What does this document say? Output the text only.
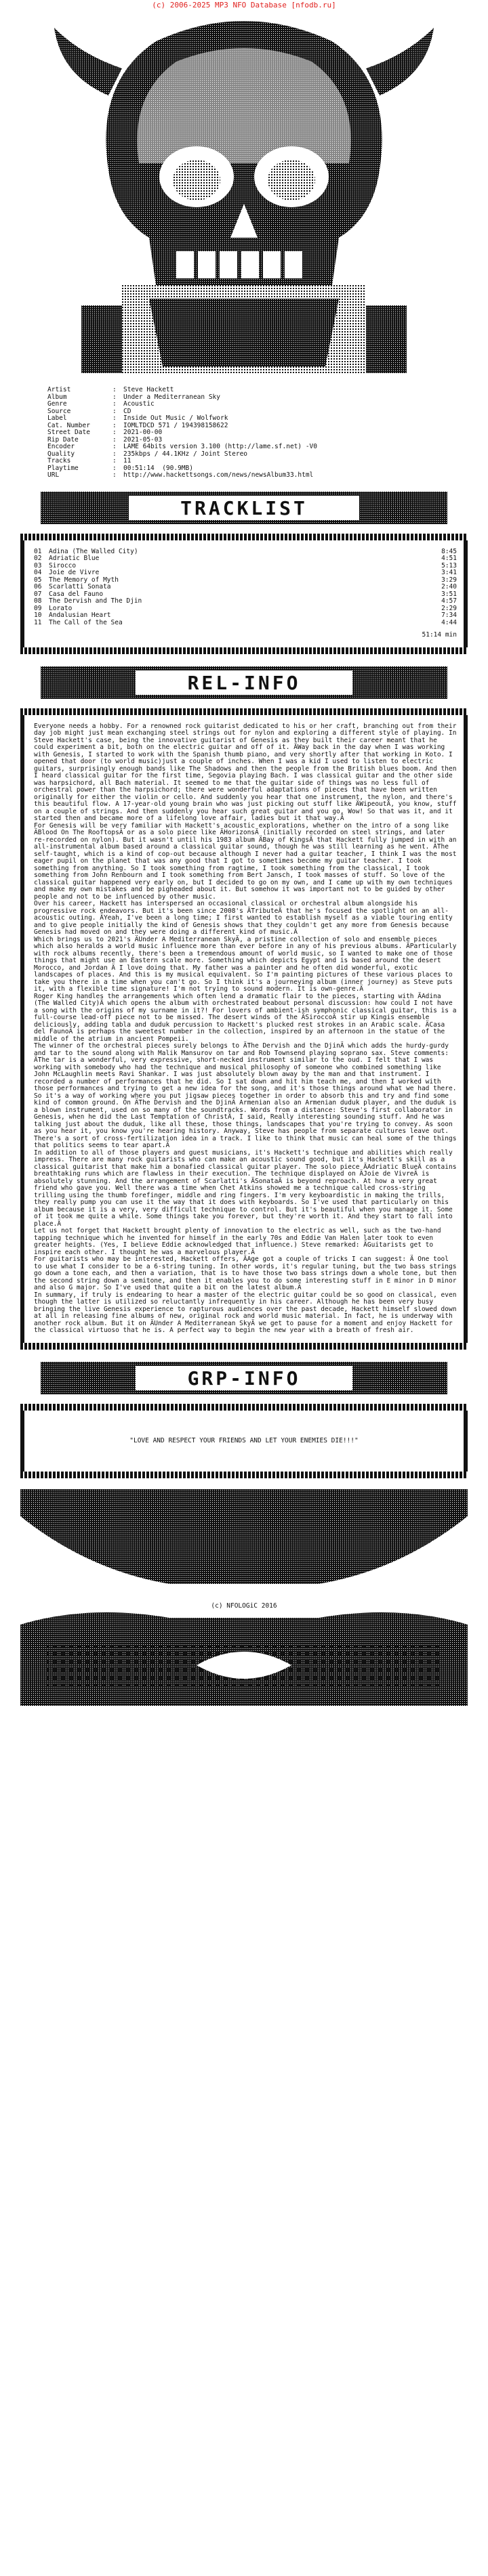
(c) 2006-2025 MP3 NFO Database [nfodb.ru]
Artist	:	Steve Hackett
Album	:	Under a Mediterranean Sky
Genre	:	Acoustic
Source	:	CD
Label	:	Inside Out Music / Wolfwork
Cat. Number	:	IOMLTDCD 571 / 194398158622
Street Date	:	2021-00-00
Rip Date	:	2021-05-03
Encoder	:	LAME 64bits version 3.100 (http://lame.sf.net) -V0
Quality	:	235kbps / 44.1KHz / Joint Stereo
Tracks	:	11
Playtime	:	00:51:14  (90.9MB)
URL	:	http://www.hackettsongs.com/news/newsAlbum33.html
TRACKLIST
01	Adina (The Walled City)	8:45
02	Adriatic Blue	4:51
03	Sirocco	5:13
04	Joie de Vivre	3:41
05	The Memory of Myth	3:29
06	Scarlatti Sonata	2:40
07	Casa del Fauno	3:51
08	The Dervish and The Djin	4:57
09	Lorato	2:29
10	Andalusian Heart	7:34
11	The Call of the Sea	4:44
51:14 min
REL-INFO

Everyone needs a hobby. For a renowned rock guitarist dedicated to his or her craft, branching out from their day job might just mean exchanging steel strings out for nylon and exploring a different style of playing. In Steve Hackett's case, being the innovative guitarist of Genesis as they built their career meant that he could experiment a bit, both on the electric guitar and off of it. ÄWay back in the day when I was working with Genesis, I started to work with the Spanish thumb piano, and very shortly after that working in Koto. I opened that door (to world music)just a couple of inches. When I was a kid I used to listen to electric guitars, surprisingly enough bands like The Shadows and then the people from the British blues boom. And then I heard classical guitar for the first time, Segovia playing Bach. I was classical guitar and the other side was harpsichord, all Bach material. It seemed to me that the guitar side of things was no less full of orchestral power than the harpsichord; there were wonderful adaptations of pieces that have been written originally for either the violin or cello. And suddenly you hear that one instrument, the nylon, and there's this beautiful flow. A 17-year-old young brain who was just picking out stuff like ÄWipeoutÄ, you know, stuff on a couple of strings. And then suddenly you hear such great guitar and you go, Wow! So that was it, and it started then and became more of a lifelong love affair, ladies but it that way.Ä

For Genesis will be very familiar with Hackett's acoustic explorations, whether on the intro of a song like ÄBlood On The RooftopsÄ or as a solo piece like ÄHorizonsÄ (initially recorded on steel strings, and later re-recorded on nylon). But it wasn't until his 1983 album ÄBay of KingsÄ that Hackett fully jumped in with an all-instrumental album based around a classical guitar sound, though he was still learning as he went. ÄThe self-taught, which is a kind of cop-out because although I never had a guitar teacher, I think I was the most eager pupil on the planet that was any good that I got to sometimes become my guitar teacher. I took something from anything. So I took something from ragtime, I took something from the classical, I took something from John Renbourn and I took something from Bert Jansch, I took masses of stuff. So love of the classical guitar happened very early on, but I decided to go on my own, and I came up with my own techniques and make my own mistakes and be pigheaded about it. But somehow it was important not to be guided by other people and not to be influenced by other music.

Over his career, Hackett has interspersed an occasional classical or orchestral album alongside his progressive rock endeavors. But it's been since 2008's ÄTributeÄ that he's focused the spotlight on an all-acoustic outing. ÄYeah, I've been a long time; I first wanted to establish myself as a viable touring entity and to give people initially the kind of Genesis shows that they couldn't get any more from Genesis because Genesis had moved on and they were doing a different kind of music.Ä

Which brings us to 2021's ÄUnder A Mediterranean SkyÄ, a pristine collection of solo and ensemble pieces which also heralds a world music influence more than ever before in any of his previous albums. ÄParticularly with rock albums recently, there's been a tremendous amount of world music, so I wanted to make one of those things that might use an Eastern scale more. Something which depicts Egypt and is based around the desert Morocco, and Jordan Ä I love doing that. My father was a painter and he often did wonderful, exotic landscapes of places. And this is my musical equivalent. So I'm painting pictures of these various places to take you there in a time when you can't go. So I think it's a journeying album (inner journey) as Steve puts it, with a flexible time signature! I'm not trying to sound modern. It is own-genre.Ä

Roger King handles the arrangements which often lend a dramatic flair to the pieces, starting with ÄAdina (The Walled City)Ä which opens the album with orchestrated beabout personal discussion: how could I not have a song with the origins of my surname in it?! For lovers of ambient-ish symphonic classical guitar, this is a full-course lead-off piece not to be missed. The desert winds of the ÄSiroccoÄ stir up Kingis ensemble deliciously, adding tabla and duduk percussion to Hackett's plucked rest strokes in an Arabic scale. ÄCasa del FaunoÄ is perhaps the sweetest number in the collection, inspired by an afternoon in the statue of the middle of the atrium in ancient Pompeii.

The winner of the orchestral pieces surely belongs to ÄThe Dervish and the DjinÄ which adds the hurdy-gurdy and tar to the sound along with Malik Mansurov on tar and Rob Townsend playing soprano sax. Steve comments: ÄThe tar is a wonderful, very expressive, short-necked instrument similar to the oud. I felt that I was working with somebody who had the technique and musical philosophy of someone who combined something like John McLaughlin meets Ravi Shankar. I was just absolutely blown away by the man and that instrument. I recorded a number of performances that he did. So I sat down and hit him teach me, and then I worked with those performances and trying to get a new idea for the song, and it's those things around what we had there. So it's a way of working where you put jigsaw pieces together in order to absorb this and try and find some kind of common ground. On ÄThe Dervish and the DjinÄ Armenian also an Armenian duduk player, and the duduk is a blown instrument, used on so many of the soundtracks. Words from a distance: Steve's first collaborator in Genesis, when he did the Last Temptation of ChristÄ, I said, Really interesting sounding stuff. And he was talking just about the duduk, like all these, those things, landscapes that you're trying to convey. As soon as you hear it, you know you're hearing history. Anyway, Steve has people from separate cultures leave out. There's a sort of cross-fertilization idea in a track. I like to think that music can heal some of the things that politics seems to tear apart.Ä

In addition to all of those players and guest musicians, it's Hackett's technique and abilities which really impress. There are many rock guitarists who can make an acoustic sound good, but it's Hackett's skill as a classical guitarist that make him a bonafied classical guitar player. The solo piece ÄAdriatic BlueÄ contains breathtaking runs which are flawless in their execution. The technique displayed on ÄJoie de VivreÄ is absolutely stunning. And the arrangement of Scarlatti's ÄSonataÄ is beyond reproach. At how a very great friend who gave you. Well there was a time when Chet Atkins showed me a technique called cross-string trilling using the thumb forefinger, middle and ring fingers. I'm very keyboardistic in making the trills, they really pump you can use it the way that it does with keyboards. So I've used that particularly on this album because it is a very, very difficult technique to control. But it's beautiful when you manage it. Some of it took me quite a while. Some things take you forever, but they're worth it. And they start to fall into place.Ä

Let us not forget that Hackett brought plenty of innovation to the electric as well, such as the two-hand tapping technique which he invented for himself in the early 70s and Eddie Van Halen later took to even greater heights. (Yes, I believe Eddie acknowledged that influence.) Steve remarked: ÄGuitarists get to inspire each other. I thought he was a marvelous player.Ä

For guitarists who may be interested, Hackett offers, ÄAge got a couple of tricks I can suggest: Ä One tool to use what I consider to be a 6-string tuning. In other words, it's regular tuning, but the two bass strings go down a tone each, and then a variation, that is to have those two bass strings down a whole tone, but then the second string down a semitone, and then it enables you to do some interesting stuff in E minor in D minor and also G major. So I've used that quite a bit on the latest album.Ä

In summary, if truly is endearing to hear a master of the electric guitar could be so good on classical, even though the latter is utilized so reluctantly infrequently in his career. Although he has been very busy bringing the live Genesis experience to rapturous audiences over the past decade, Hackett himself slowed down at all in releasing fine albums of new, original rock and world music material. In fact, he is underway with another rock album. But it on ÄUnder A Mediterranean SkyÄ we get to pause for a moment and enjoy Hackett for the classical virtuoso that he is. A perfect way to begin the new year with a breath of fresh air.

GRP-INFO
"LOVE AND RESPECT YOUR FRIENDS AND LET YOUR ENEMIES DIE!!!"
(c) NFOLOGiC 2016
